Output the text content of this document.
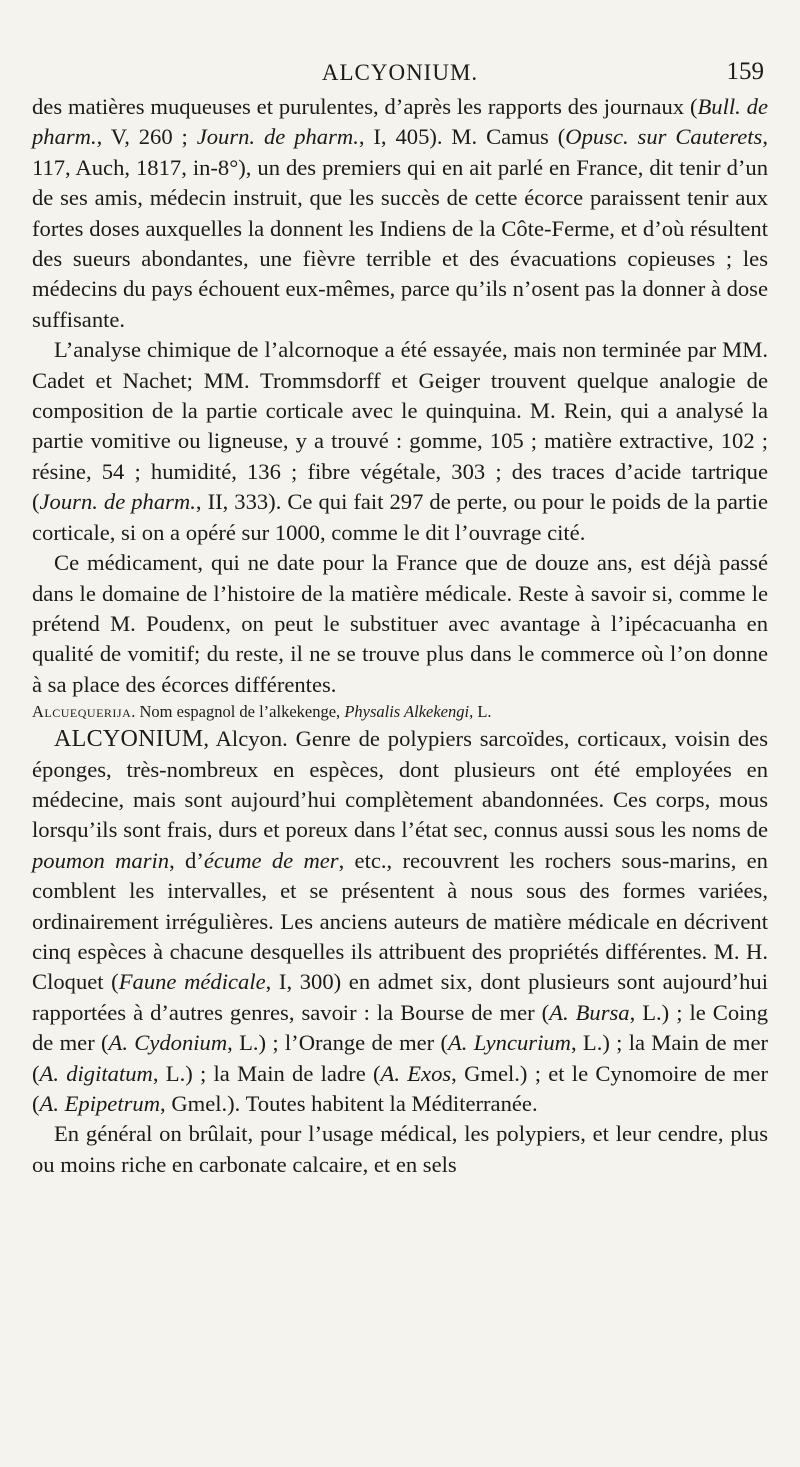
ALCYONIUM.	159

des matières muqueuses et purulentes, d’après les rapports des journaux (Bull. de pharm., V, 260 ; Journ. de pharm., I, 405). M. Camus (Opusc. sur Cauterets, 117, Auch, 1817, in-8°), un des premiers qui en ait parlé en France, dit tenir d’un de ses amis, médecin instruit, que les succès de cette écorce paraissent tenir aux fortes doses auxquelles la donnent les Indiens de la Côte-Ferme, et d’où résultent des sueurs abondantes, une fièvre terrible et des évacuations copieuses ; les médecins du pays échouent eux-mêmes, parce qu’ils n’osent pas la donner à dose suffisante.

L’analyse chimique de l’alcornoque a été essayée, mais non terminée par MM. Cadet et Nachet; MM. Trommsdorff et Geiger trouvent quelque analogie de composition de la partie corticale avec le quinquina. M. Rein, qui a analysé la partie vomitive ou ligneuse, y a trouvé : gomme, 105 ; matière extractive, 102 ; résine, 54 ; humidité, 136 ; fibre végétale, 303 ; des traces d’acide tartrique (Journ. de pharm., II, 333). Ce qui fait 297 de perte, ou pour le poids de la partie corticale, si on a opéré sur 1000, comme le dit l’ouvrage cité.

Ce médicament, qui ne date pour la France que de douze ans, est déjà passé dans le domaine de l’histoire de la matière médicale. Reste à savoir si, comme le prétend M. Poudenx, on peut le substituer avec avantage à l’ipécacuanha en qualité de vomitif; du reste, il ne se trouve plus dans le commerce où l’on donne à sa place des écorces différentes.

Alcuequerija. Nom espagnol de l’alkekenge, Physalis Alkekengi, L.

ALCYONIUM, Alcyon. Genre de polypiers sarcoïdes, corticaux, voisin des éponges, très-nombreux en espèces, dont plusieurs ont été employées en médecine, mais sont aujourd’hui complètement abandonnées. Ces corps, mous lorsqu’ils sont frais, durs et poreux dans l’état sec, connus aussi sous les noms de poumon marin, d’écume de mer, etc., recouvrent les rochers sous-marins, en comblent les intervalles, et se présentent à nous sous des formes variées, ordinairement irrégulières. Les anciens auteurs de matière médicale en décrivent cinq espèces à chacune desquelles ils attribuent des propriétés différentes. M. H. Cloquet (Faune médicale, I, 300) en admet six, dont plusieurs sont aujourd’hui rapportées à d’autres genres, savoir : la Bourse de mer (A. Bursa, L.) ; le Coing de mer (A. Cydonium, L.) ; l’Orange de mer (A. Lyncurium, L.) ; la Main de mer (A. digitatum, L.) ; la Main de ladre (A. Exos, Gmel.) ; et le Cynomoire de mer (A. Epipetrum, Gmel.). Toutes habitent la Méditerranée.

En général on brûlait, pour l’usage médical, les polypiers, et leur cendre, plus ou moins riche en carbonate calcaire, et en sels
